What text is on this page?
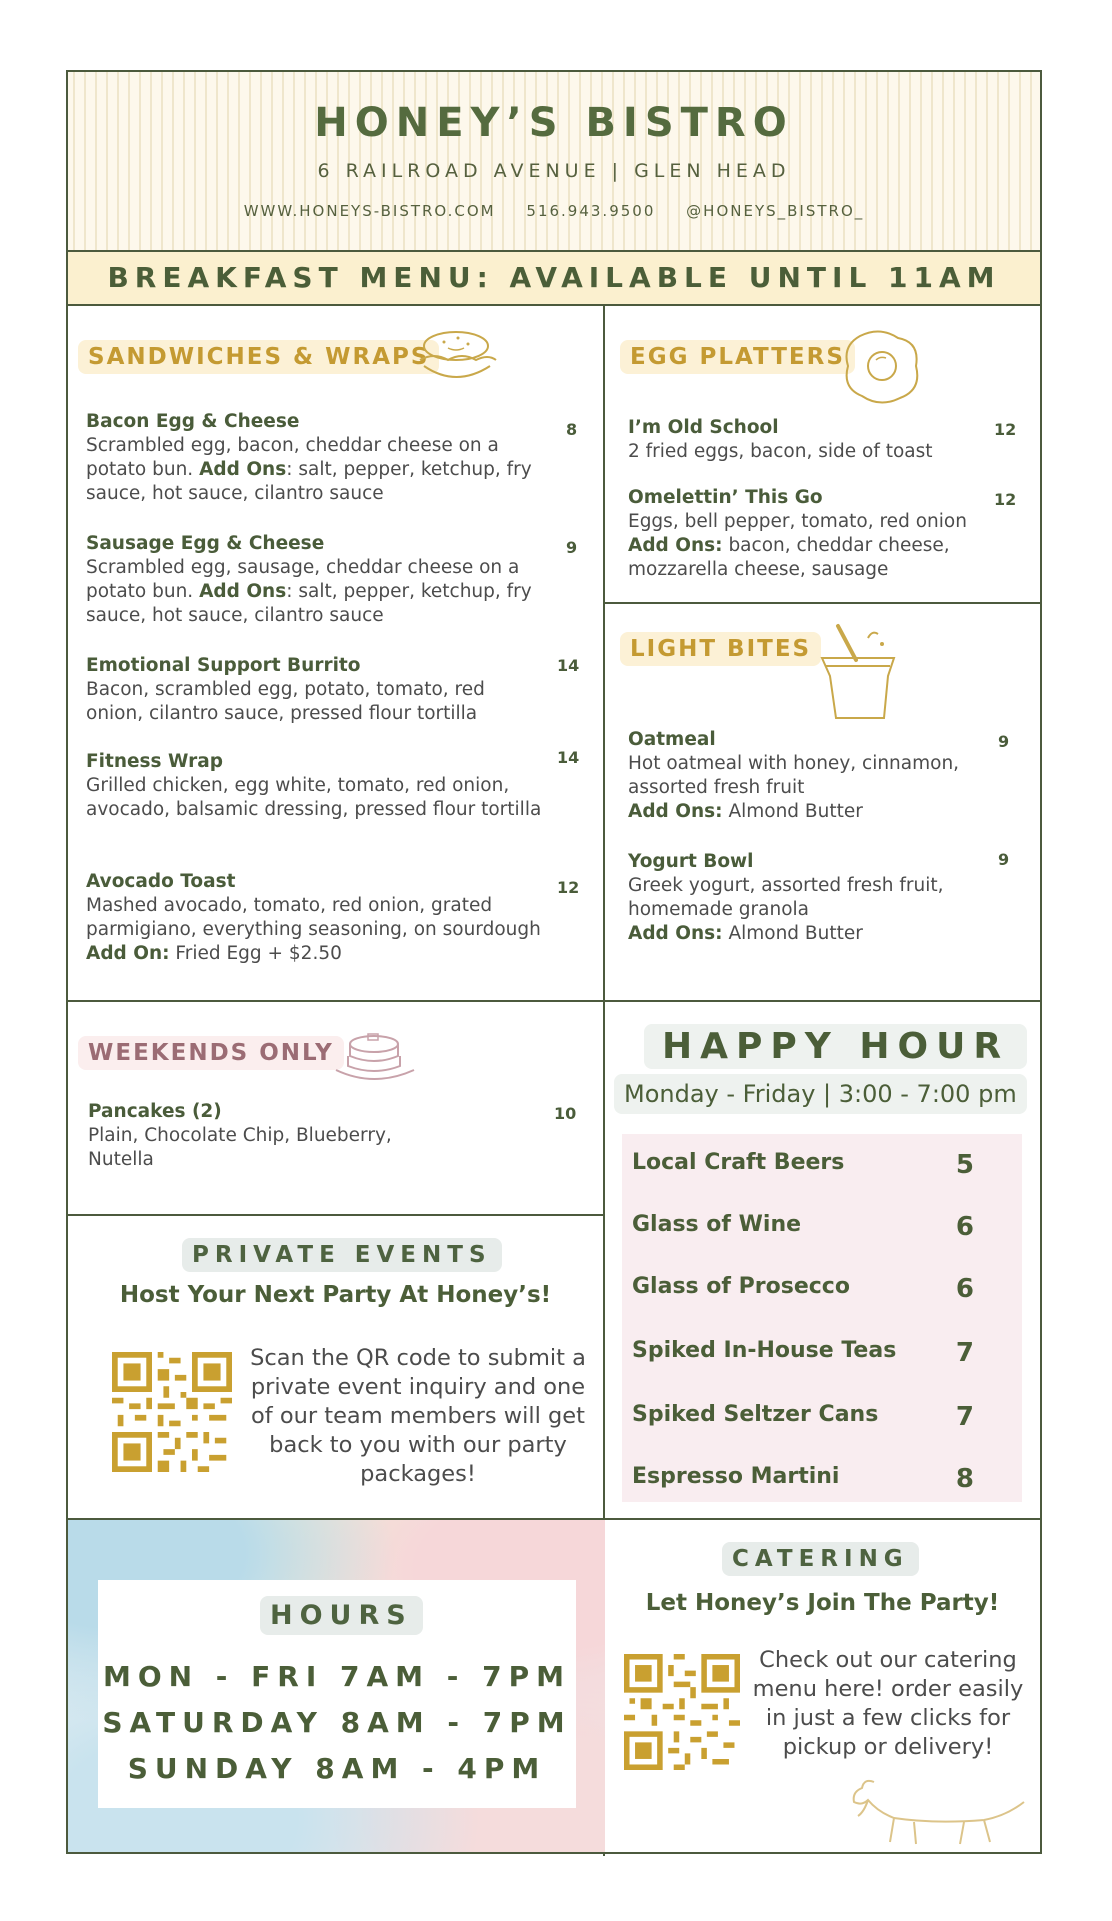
HONEY’S BISTRO
6 RAILROAD AVENUE | GLEN HEAD
WWW.HONEYS-BISTRO.COM 516.943.9500 @HONEYS_BISTRO_
BREAKFAST MENU: AVAILABLE UNTIL 11AM
SANDWICHES & WRAPS
Bacon Egg & Cheese
Scrambled egg, bacon, cheddar cheese on a potato bun. Add Ons: salt, pepper, ketchup, fry sauce, hot sauce, cilantro sauce
8
Sausage Egg & Cheese
Scrambled egg, sausage, cheddar cheese on a potato bun. Add Ons: salt, pepper, ketchup, fry sauce, hot sauce, cilantro sauce
9
Emotional Support Burrito
Bacon, scrambled egg, potato, tomato, red onion, cilantro sauce, pressed flour tortilla
14
Fitness Wrap
Grilled chicken, egg white, tomato, red onion, avocado, balsamic dressing, pressed flour tortilla
14
Avocado Toast
Mashed avocado, tomato, red onion, grated parmigiano, everything seasoning, on sourdough Add On: Fried Egg + $2.50
12
EGG PLATTERS
I’m Old School
2 fried eggs, bacon, side of toast
12
Omelettin’ This Go
Eggs, bell pepper, tomato, red onion
Add Ons: bacon, cheddar cheese, mozzarella cheese, sausage
12
LIGHT BITES
Oatmeal
Hot oatmeal with honey, cinnamon, assorted fresh fruit
Add Ons: Almond Butter
9
Yogurt Bowl
Greek yogurt, assorted fresh fruit, homemade granola
Add Ons: Almond Butter
9
WEEKENDS ONLY
Pancakes (2)
Plain, Chocolate Chip, Blueberry, Nutella
10
HAPPY HOUR
Monday - Friday | 3:00 - 7:00 pm
Local Craft Beers	5
Glass of Wine	6
Glass of Prosecco	6
Spiked In-House Teas 7
Spiked Seltzer Cans	7
Espresso Martini	8
PRIVATE EVENTS
Host Your Next Party At Honey’s!
Scan the QR code to submit a private event inquiry and one of our team members will get back to you with our party packages!
HOURS
MON - FRI 7AM - 7PM
SATURDAY 8AM - 7PM
SUNDAY 8AM - 4PM
CATERING
Let Honey’s Join The Party!
Check out our catering menu here! order easily in just a few clicks for pickup or delivery!
